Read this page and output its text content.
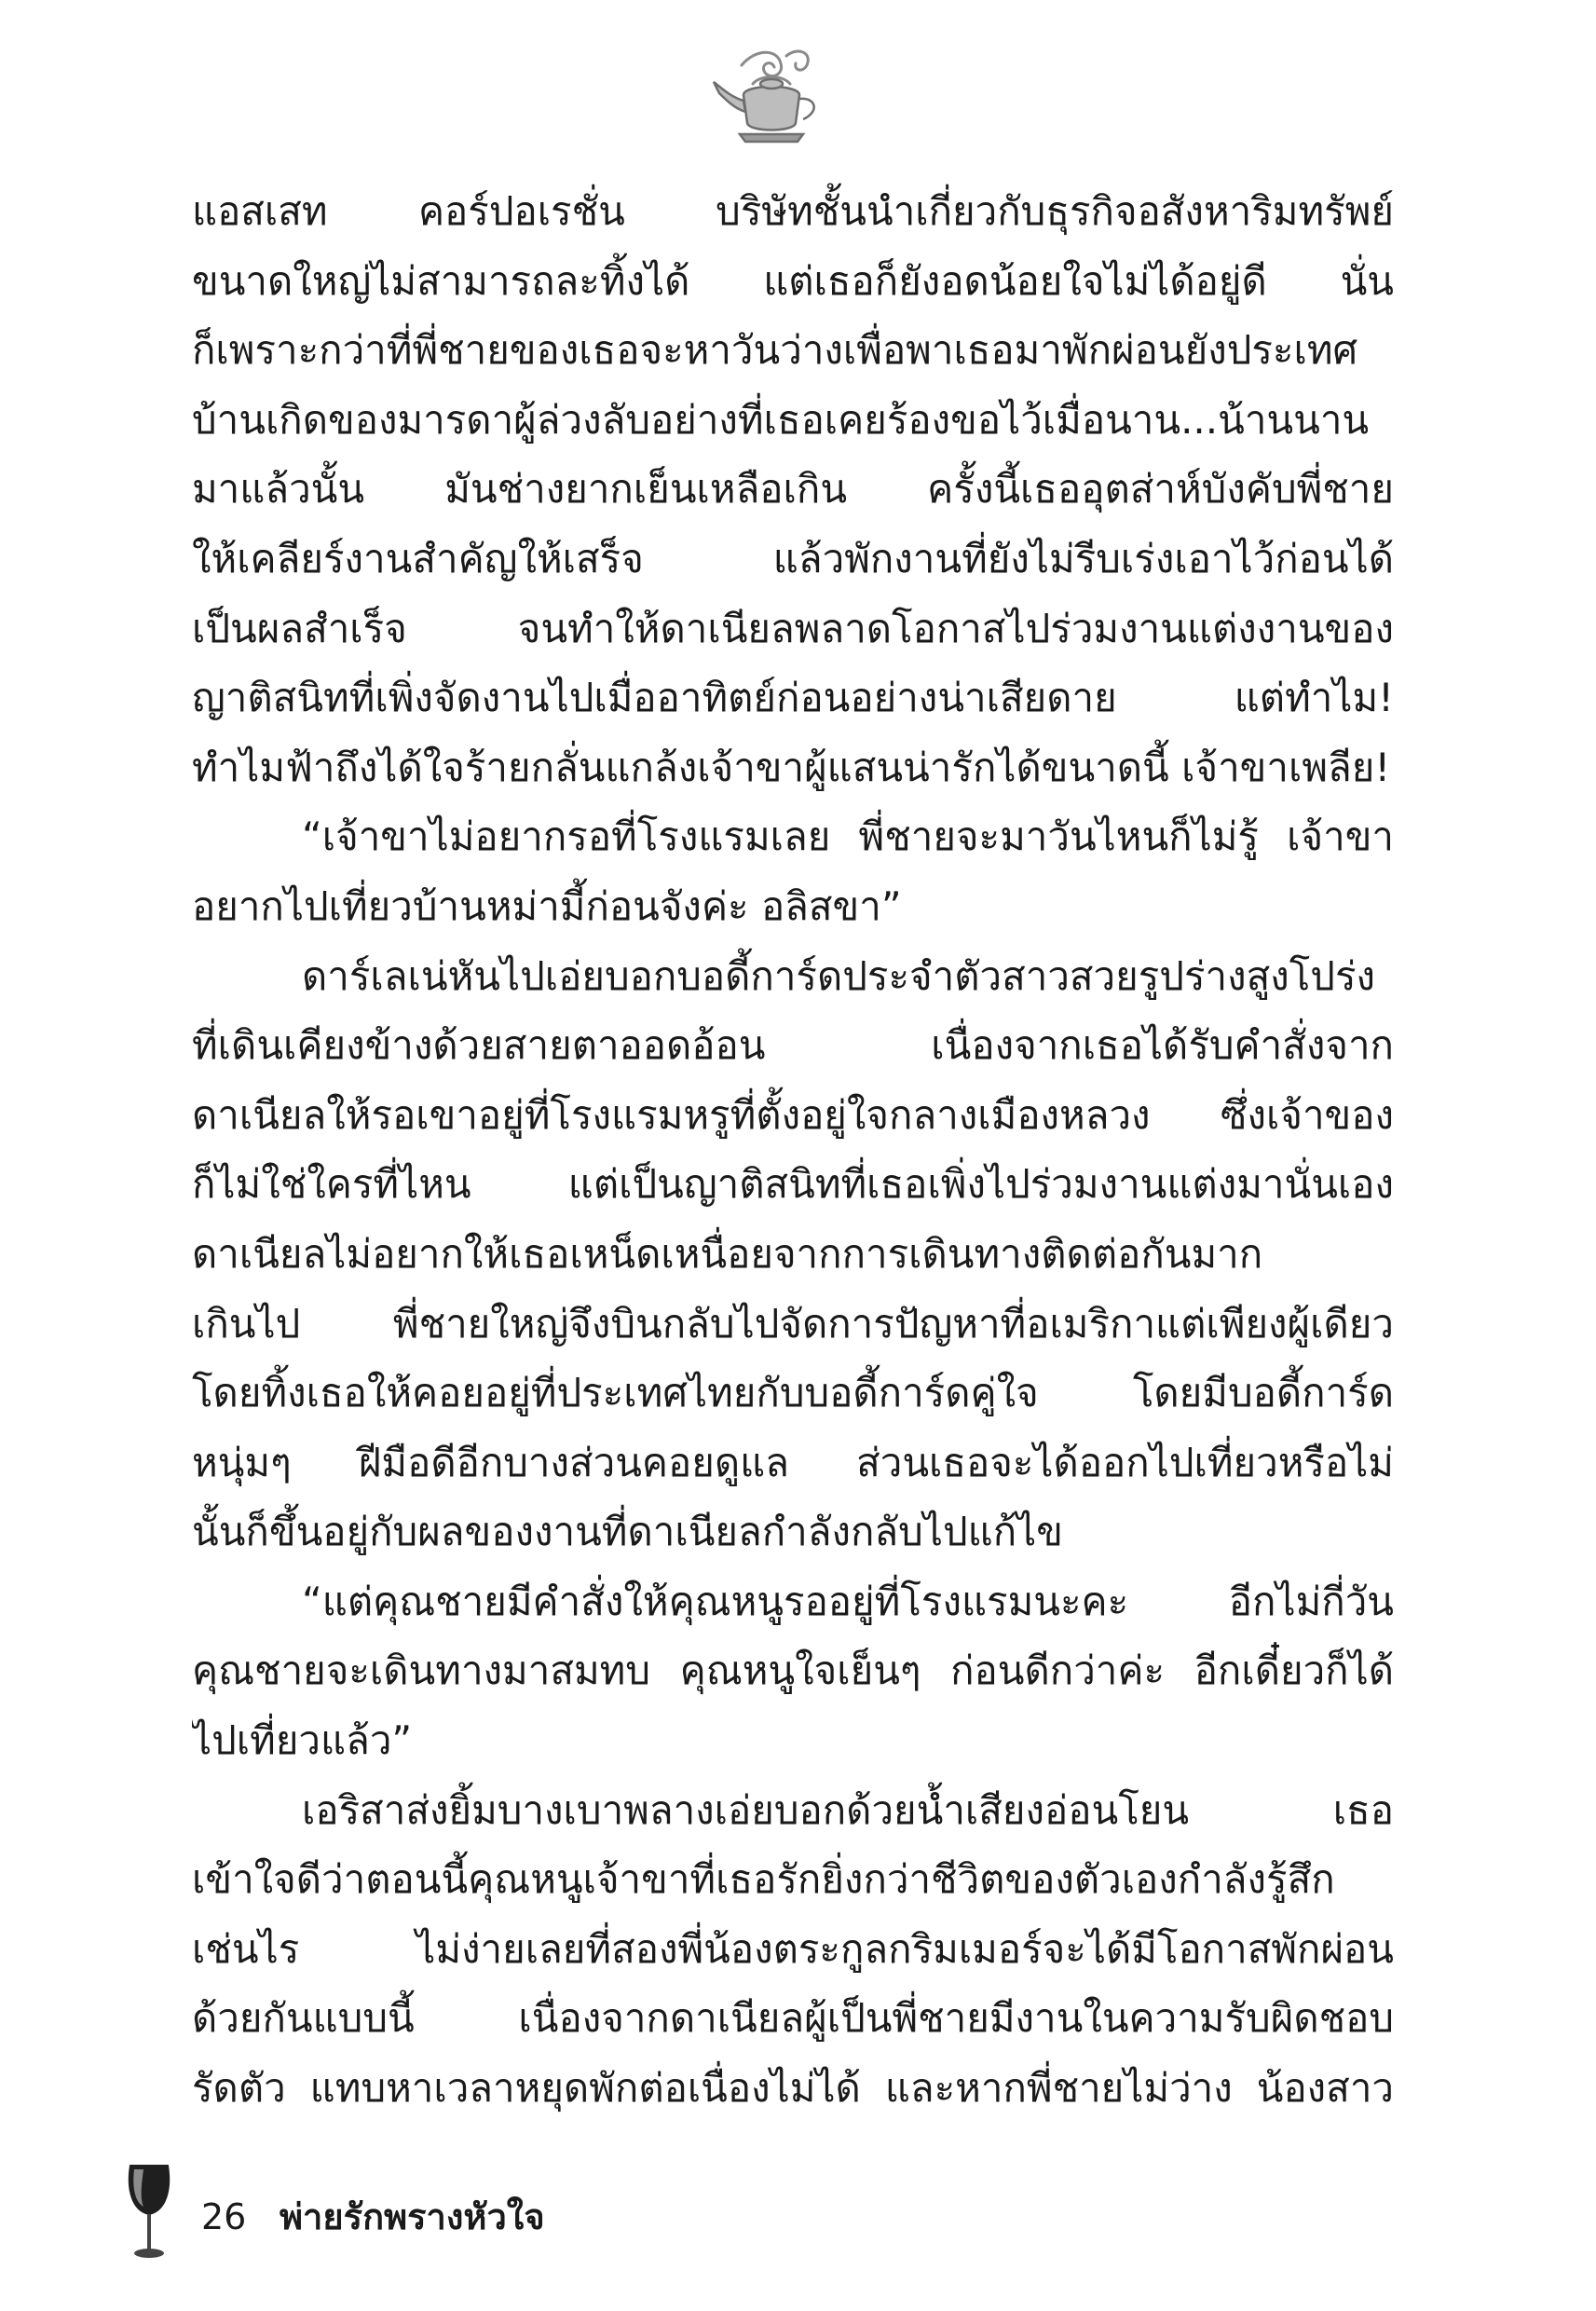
แอสเสท คอร์ปอเรชั่น บริษัทชั้นนำเกี่ยวกับธุรกิจอสังหาริมทรัพย์
ขนาดใหญ่ไม่สามารถละทิ้งได้ แต่เธอก็ยังอดน้อยใจไม่ได้อยู่ดี นั่น
ก็เพราะกว่าที่พี่ชายของเธอจะหาวันว่างเพื่อพาเธอมาพักผ่อนยังประเทศ
บ้านเกิดของมารดาผู้ล่วงลับอย่างที่เธอเคยร้องขอไว้เมื่อนาน...น้านนาน
มาแล้วนั้น มันช่างยากเย็นเหลือเกิน ครั้งนี้เธออุตส่าห์บังคับพี่ชาย
ให้เคลียร์งานสำคัญให้เสร็จ แล้วพักงานที่ยังไม่รีบเร่งเอาไว้ก่อนได้
เป็นผลสำเร็จ จนทำให้ดาเนียลพลาดโอกาสไปร่วมงานแต่งงานของ
ญาติสนิทที่เพิ่งจัดงานไปเมื่ออาทิตย์ก่อนอย่างน่าเสียดาย แต่ทำไม!
ทำไมฟ้าถึงได้ใจร้ายกลั่นแกล้งเจ้าขาผู้แสนน่ารักได้ขนาดนี้ เจ้าขาเพลีย!
“เจ้าขาไม่อยากรอที่โรงแรมเลย พี่ชายจะมาวันไหนก็ไม่รู้ เจ้าขา
อยากไปเที่ยวบ้านหม่ามี้ก่อนจังค่ะ อลิสขา”
ดาร์เลเน่หันไปเอ่ยบอกบอดี้การ์ดประจำตัวสาวสวยรูปร่างสูงโปร่ง
ที่เดินเคียงข้างด้วยสายตาออดอ้อน เนื่องจากเธอได้รับคำสั่งจาก
ดาเนียลให้รอเขาอยู่ที่โรงแรมหรูที่ตั้งอยู่ใจกลางเมืองหลวง ซึ่งเจ้าของ
ก็ไม่ใช่ใครที่ไหน แต่เป็นญาติสนิทที่เธอเพิ่งไปร่วมงานแต่งมานั่นเอง
ดาเนียลไม่อยากให้เธอเหน็ดเหนื่อยจากการเดินทางติดต่อกันมาก
เกินไป พี่ชายใหญ่จึงบินกลับไปจัดการปัญหาที่อเมริกาแต่เพียงผู้เดียว
โดยทิ้งเธอให้คอยอยู่ที่ประเทศไทยกับบอดี้การ์ดคู่ใจ โดยมีบอดี้การ์ด
หนุ่มๆ ฝีมือดีอีกบางส่วนคอยดูแล ส่วนเธอจะได้ออกไปเที่ยวหรือไม่
นั้นก็ขึ้นอยู่กับผลของงานที่ดาเนียลกำลังกลับไปแก้ไข
“แต่คุณชายมีคำสั่งให้คุณหนูรออยู่ที่โรงแรมนะคะ อีกไม่กี่วัน
คุณชายจะเดินทางมาสมทบ คุณหนูใจเย็นๆ ก่อนดีกว่าค่ะ อีกเดี๋ยวก็ได้
ไปเที่ยวแล้ว”
เอริสาส่งยิ้มบางเบาพลางเอ่ยบอกด้วยน้ำเสียงอ่อนโยน เธอ
เข้าใจดีว่าตอนนี้คุณหนูเจ้าขาที่เธอรักยิ่งกว่าชีวิตของตัวเองกำลังรู้สึก
เช่นไร ไม่ง่ายเลยที่สองพี่น้องตระกูลกริมเมอร์จะได้มีโอกาสพักผ่อน
ด้วยกันแบบนี้ เนื่องจากดาเนียลผู้เป็นพี่ชายมีงานในความรับผิดชอบ
รัดตัว แทบหาเวลาหยุดพักต่อเนื่องไม่ได้ และหากพี่ชายไม่ว่าง น้องสาว
26 พ่ายรักพรางหัวใจ
